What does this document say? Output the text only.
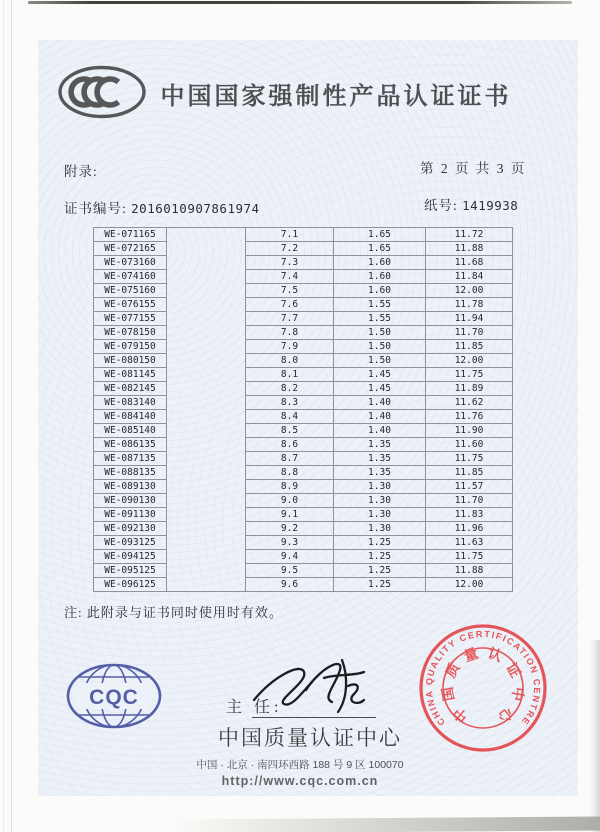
中国国家强制性产品认证证书
附录:	第 2 页 共 3 页
证书编号: 2016010907861974	纸号: 1419938
WE-071165		7.1	1.65	11.72
WE-072165		7.2	1.65	11.88
WE-073160		7.3	1.60	11.68
WE-074160		7.4	1.60	11.84
WE-075160		7.5	1.60	12.00
WE-076155		7.6	1.55	11.78
WE-077155		7.7	1.55	11.94
WE-078150		7.8	1.50	11.70
WE-079150		7.9	1.50	11.85
WE-080150		8.0	1.50	12.00
WE-081145		8.1	1.45	11.75
WE-082145		8.2	1.45	11.89
WE-083140		8.3	1.40	11.62
WE-084140		8.4	1.40	11.76
WE-085140		8.5	1.40	11.90
WE-086135		8.6	1.35	11.60
WE-087135		8.7	1.35	11.75
WE-088135		8.8	1.35	11.85
WE-089130		8.9	1.30	11.57
WE-090130		9.0	1.30	11.70
WE-091130		9.1	1.30	11.83
WE-092130		9.2	1.30	11.96
WE-093125		9.3	1.25	11.63
WE-094125		9.4	1.25	11.75
WE-095125		9.5	1.25	11.88
WE-096125		9.6	1.25	12.00
注: 此附录与证书同时使用时有效。
CQC	主 任:
中国质量认证中心
中国 · 北京 · 南四环西路 188 号 9 区 100070
http://www.cqc.com.cn
CHINA QUALITY CERTIFICATION CENTRE
中
国
质
量 认
证
中
心
